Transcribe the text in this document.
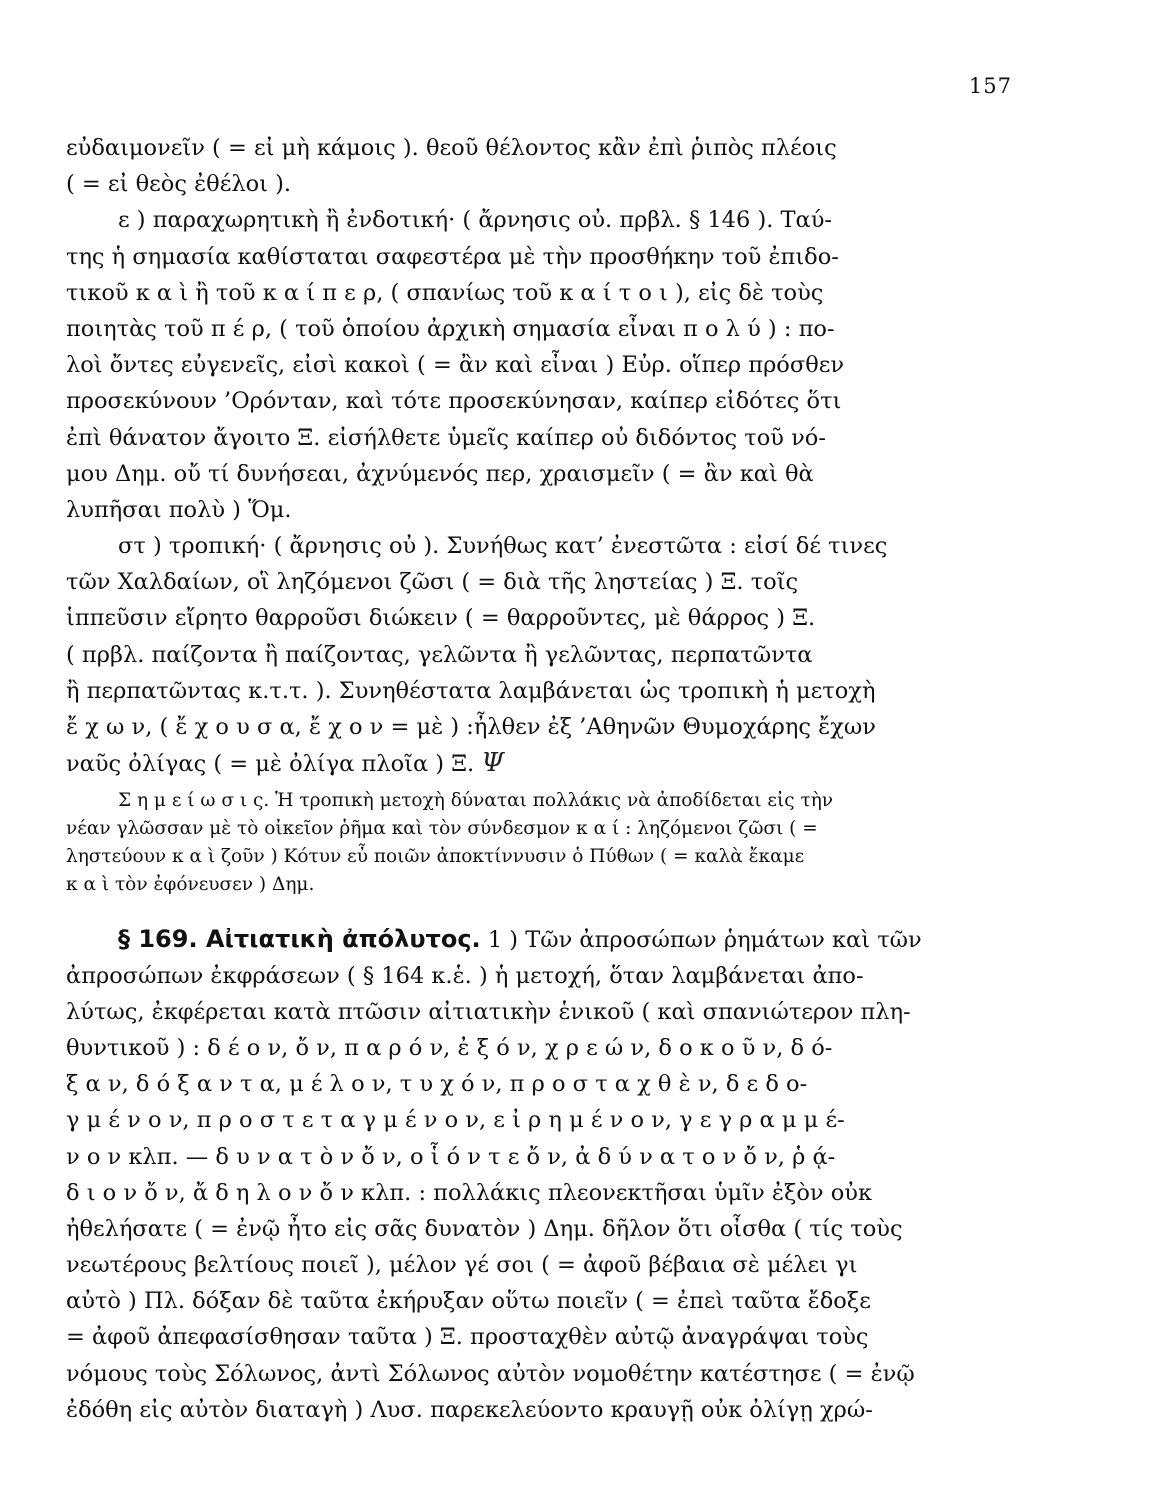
157
εὐδαιμονεῖν ( = εἰ μὴ κάμοις ). θεοῦ θέλοντος κἂν ἐπὶ ῥιπὸς πλέοις
( = εἰ θεὸς ἐθέλοι ).
ε ) παραχωρητικὴ ἢ ἐνδοτική· ( ἄρνησις οὐ. πρβλ. § 146 ). Ταύ-
της ἡ σημασία καθίσταται σαφεστέρα μὲ τὴν προσθήκην τοῦ ἐπιδο-
τικοῦ κ α ὶ ἢ τοῦ κ α ί π ε ρ, ( σπανίως τοῦ κ α ί τ ο ι ), εἰς δὲ τοὺς
ποιητὰς τοῦ π έ ρ, ( τοῦ ὁποίου ἀρχικὴ σημασία εἶναι π ο λ ύ ) : πο-
λοὶ ὄντες εὐγενεῖς, εἰσὶ κακοὶ ( = ἂν καὶ εἶναι ) Εὐρ. οἵπερ πρόσθεν
προσεκύνουν ’Ορόνταν, καὶ τότε προσεκύνησαν, καίπερ εἰδότες ὅτι
ἐπὶ θάνατον ἄγοιτο Ξ. εἰσήλθετε ὑμεῖς καίπερ οὐ διδόντος τοῦ νό-
μου Δημ. οὔ τί δυνήσεαι, ἀχνύμενός περ, χραισμεῖν ( = ἂν καὶ θὰ
λυπῆσαι πολὺ ) Ὅμ.
στ ) τροπική· ( ἄρνησις οὐ ). Συνήθως κατ’ ἐνεστῶτα : εἰσί δέ τινες
τῶν Χαλδαίων, οἳ ληζόμενοι ζῶσι ( = διὰ τῆς ληστείας ) Ξ. τοῖς
ἱππεῦσιν εἴρητο θαρροῦσι διώκειν ( = θαρροῦντες, μὲ θάρρος ) Ξ.
( πρβλ. παίζοντα ἢ παίζοντας, γελῶντα ἢ γελῶντας, περπατῶντα
ἢ περπατῶντας κ.τ.τ. ). Συνηθέστατα λαμβάνεται ὡς τροπικὴ ἡ μετοχὴ
ἔ χ ω ν, ( ἔ χ ο υ σ α, ἔ χ ο ν = μὲ ) :ἦλθεν ἐξ ’Αθηνῶν Θυμοχάρης ἔχων
ναῦς ὀλίγας ( = μὲ ὀλίγα πλοῖα ) Ξ. Ψ
Σ η μ ε ί ω σ ι ς. Ἡ τροπικὴ μετοχὴ δύναται πολλάκις νὰ ἀποδίδεται εἰς τὴν
νέαν γλῶσσαν μὲ τὸ οἰκεῖον ῥῆμα καὶ τὸν σύνδεσμον κ α ί : ληζόμενοι ζῶσι ( =
ληστεύουν κ α ὶ ζοῦν ) Κότυν εὖ ποιῶν ἀποκτίννυσιν ὁ Πύθων ( = καλὰ ἔκαμε
κ α ὶ τὸν ἐφόνευσεν ) Δημ.
§ 169. Αἰτιατικὴ ἀπόλυτος. 1 ) Τῶν ἀπροσώπων ῥημάτων καὶ τῶν
ἀπροσώπων ἐκφράσεων ( § 164 κ.ἑ. ) ἡ μετοχή, ὅταν λαμβάνεται ἀπο-
λύτως, ἐκφέρεται κατὰ πτῶσιν αἰτιατικὴν ἑνικοῦ ( καὶ σπανιώτερον πλη-
θυντικοῦ ) : δ έ ο ν, ὄ ν, π α ρ ό ν, ἐ ξ ό ν, χ ρ ε ώ ν, δ ο κ ο ῦ ν, δ ό-
ξ α ν, δ ό ξ α ν τ α, μ έ λ ο ν, τ υ χ ό ν, π ρ ο σ τ α χ θ ὲ ν, δ ε δ ο-
γ μ έ ν ο ν, π ρ ο σ τ ε τ α γ μ έ ν ο ν, ε ἰ ρ η μ έ ν ο ν, γ ε γ ρ α μ μ έ-
ν ο ν κλπ. — δ υ ν α τ ὸ ν ὄ ν, ο ἷ ό ν τ ε ὄ ν, ἀ δ ύ ν α τ ο ν ὄ ν, ῥ ᾴ-
δ ι ο ν ὄ ν, ἄ δ η λ ο ν ὄ ν κλπ. : πολλάκις πλεονεκτῆσαι ὑμῖν ἐξὸν οὐκ
ἠθελήσατε ( = ἐνῷ ἦτο εἰς σᾶς δυνατὸν ) Δημ. δῆλον ὅτι οἶσθα ( τίς τοὺς
νεωτέρους βελτίους ποιεῖ ), μέλον γέ σοι ( = ἀφοῦ βέβαια σὲ μέλει γι
αὐτὸ ) Πλ. δόξαν δὲ ταῦτα ἐκήρυξαν οὕτω ποιεῖν ( = ἐπεὶ ταῦτα ἔδοξε
= ἀφοῦ ἀπεφασίσθησαν ταῦτα ) Ξ. προσταχθὲν αὐτῷ ἀναγράψαι τοὺς
νόμους τοὺς Σόλωνος, ἀντὶ Σόλωνος αὐτὸν νομοθέτην κατέστησε ( = ἐνῷ
ἐδόθη εἰς αὐτὸν διαταγὴ ) Λυσ. παρεκελεύοντο κραυγῇ οὐκ ὀλίγῃ χρώ-
